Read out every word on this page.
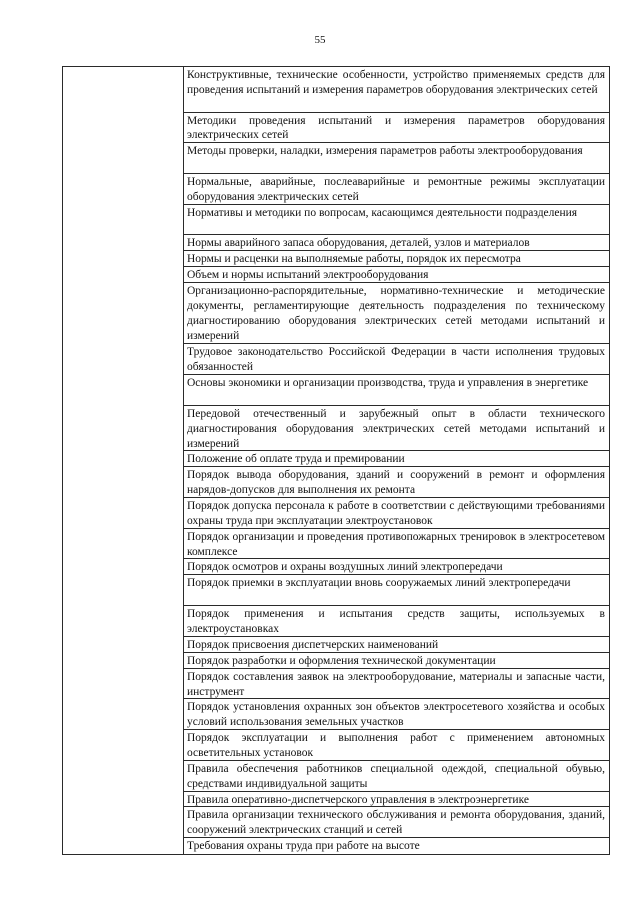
55
Конструктивные, технические особенности, устройство применяемых средств для проведения испытаний и измерения параметров оборудования электрических сетей
Методики проведения испытаний и измерения параметров оборудования электрических сетей
Методы проверки, наладки, измерения параметров работы электрооборудования
Нормальные, аварийные, послеаварийные и ремонтные режимы эксплуатации оборудования электрических сетей
Нормативы и методики по вопросам, касающимся деятельности подразделения
Нормы аварийного запаса оборудования, деталей, узлов и материалов
Нормы и расценки на выполняемые работы, порядок их пересмотра
Объем и нормы испытаний электрооборудования
Организационно-распорядительные, нормативно-технические и методические документы, регламентирующие деятельность подразделения по техническому диагностированию оборудования электрических сетей методами испытаний и измерений
Трудовое законодательство Российской Федерации в части исполнения трудовых обязанностей
Основы экономики и организации производства, труда и управления в энергетике
Передовой отечественный и зарубежный опыт в области технического диагностирования оборудования электрических сетей методами испытаний и измерений
Положение об оплате труда и премировании
Порядок вывода оборудования, зданий и сооружений в ремонт и оформления нарядов-допусков для выполнения их ремонта
Порядок допуска персонала к работе в соответствии с действующими требованиями охраны труда при эксплуатации электроустановок
Порядок организации и проведения противопожарных тренировок в электросетевом комплексе
Порядок осмотров и охраны воздушных линий электропередачи
Порядок приемки в эксплуатации вновь сооружаемых линий электропередачи
Порядок применения и испытания средств защиты, используемых в электроустановках
Порядок присвоения диспетчерских наименований
Порядок разработки и оформления технической документации
Порядок составления заявок на электрооборудование, материалы и запасные части, инструмент
Порядок установления охранных зон объектов электросетевого хозяйства и особых условий использования земельных участков
Порядок эксплуатации и выполнения работ с применением автономных осветительных установок
Правила обеспечения работников специальной одеждой, специальной обувью, средствами индивидуальной защиты
Правила оперативно-диспетчерского управления в электроэнергетике
Правила организации технического обслуживания и ремонта оборудования, зданий, сооружений электрических станций и сетей
Требования охраны труда при работе на высоте
